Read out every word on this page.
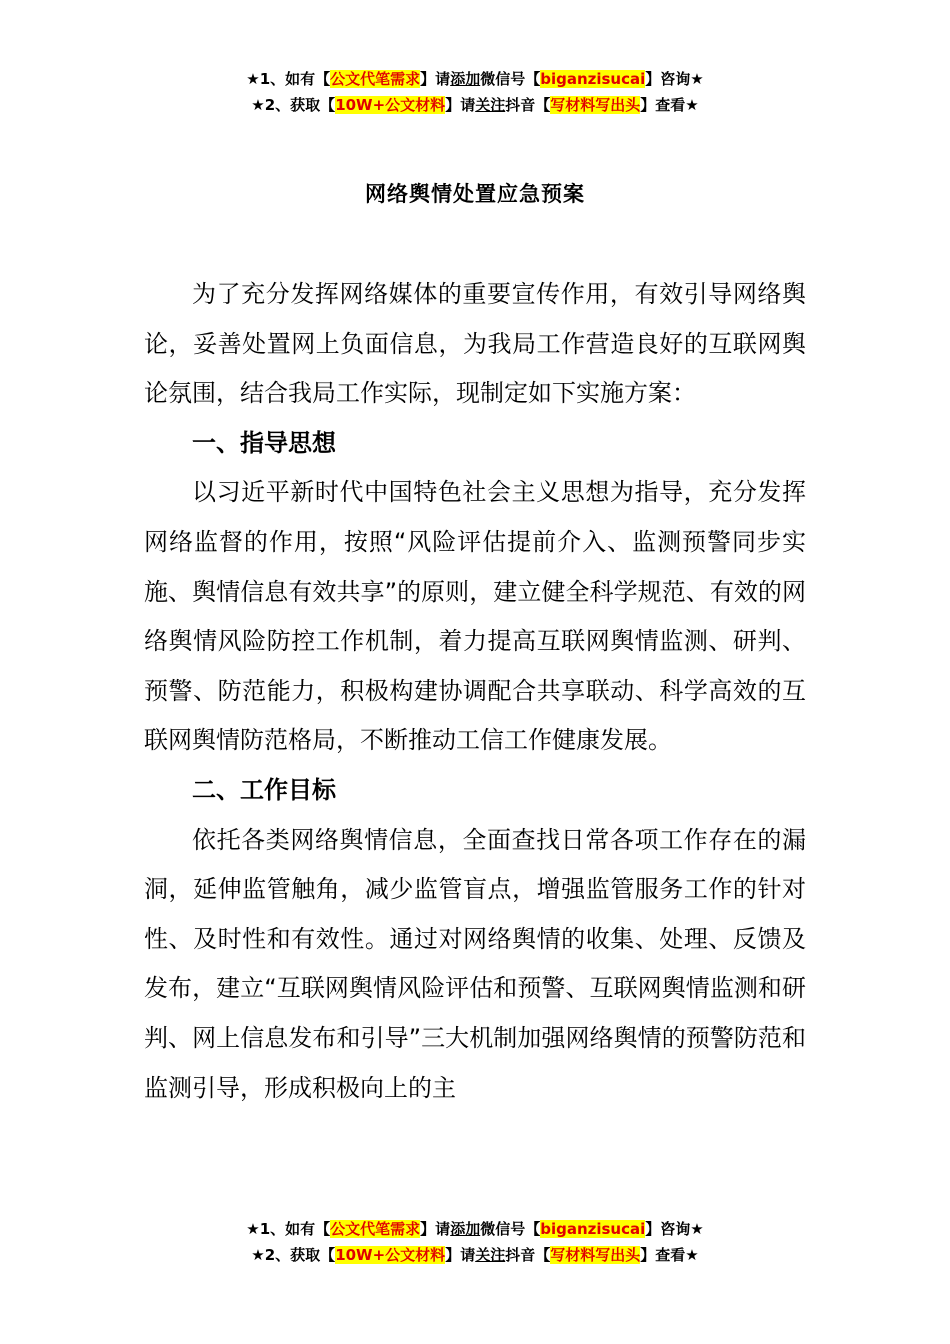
★1、如有【公文代笔需求】请添加微信号【biganzisucai】咨询★
★2、获取【10W+公文材料】请关注抖音【写材料写出头】查看★
网络舆情处置应急预案

为了充分发挥网络媒体的重要宣传作用，有效引导网络舆论，妥善处置网上负面信息，为我局工作营造良好的互联网舆论氛围，结合我局工作实际，现制定如下实施方案：

一、指导思想

以习近平新时代中国特色社会主义思想为指导，充分发挥网络监督的作用，按照“风险评估提前介入、监测预警同步实施、舆情信息有效共享”的原则，建立健全科学规范、有效的网络舆情风险防控工作机制，着力提高互联网舆情监测、研判、预警、防范能力，积极构建协调配合共享联动、科学高效的互联网舆情防范格局，不断推动工信工作健康发展。

二、工作目标

依托各类网络舆情信息，全面查找日常各项工作存在的漏洞，延伸监管触角，减少监管盲点，增强监管服务工作的针对性、及时性和有效性。通过对网络舆情的收集、处理、反馈及发布，建立“互联网舆情风险评估和预警、互联网舆情监测和研判、网上信息发布和引导”三大机制加强网络舆情的预警防范和监测引导，形成积极向上的主

★1、如有【公文代笔需求】请添加微信号【biganzisucai】咨询★
★2、获取【10W+公文材料】请关注抖音【写材料写出头】查看★
